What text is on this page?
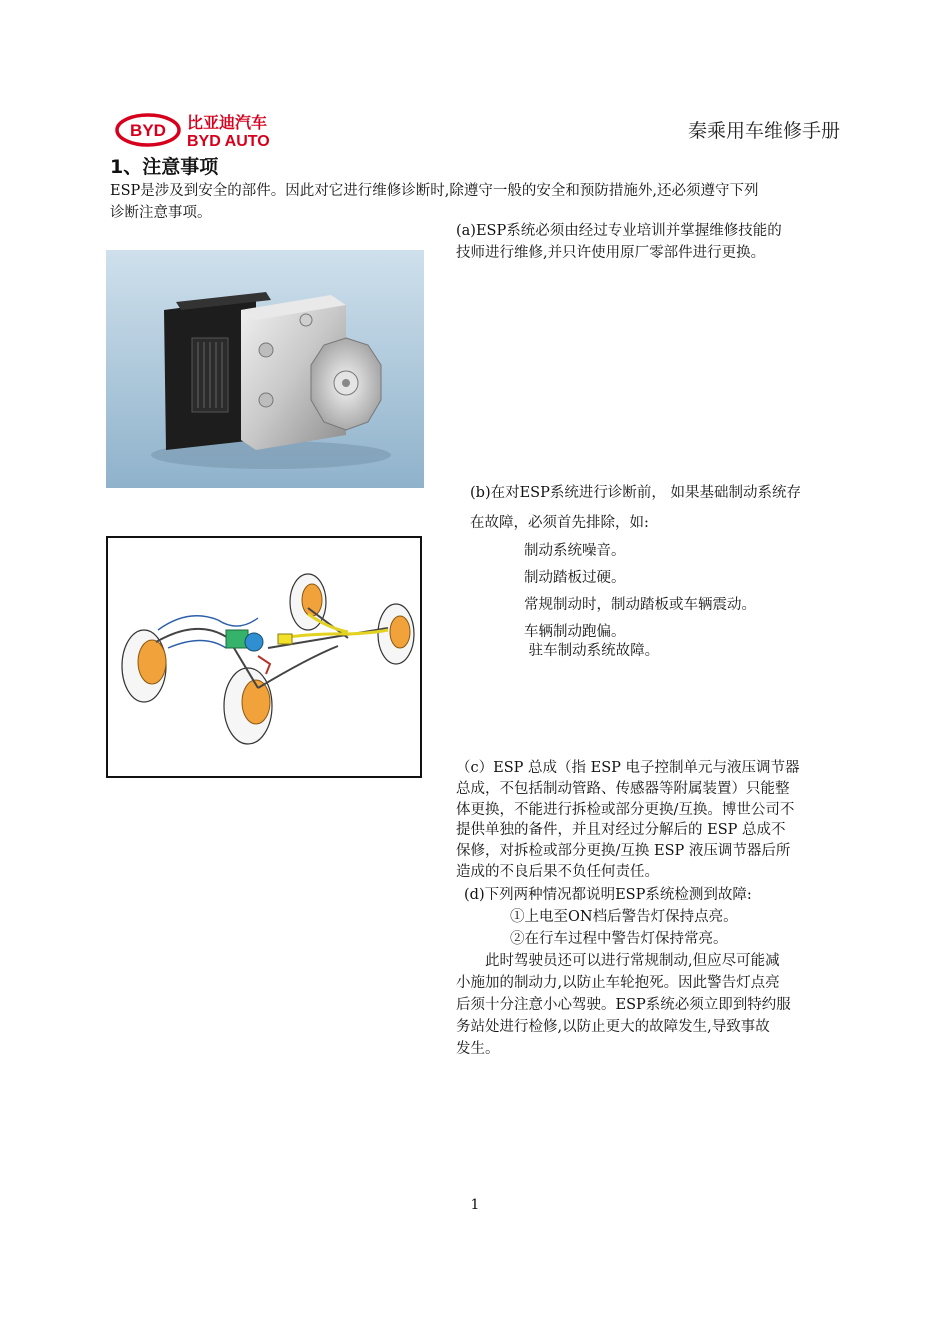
BYD 比亚迪汽车
BYD AUTO	秦乘用车维修手册
1、注意事项
ESP是涉及到安全的部件。因此对它进行维修诊断时,除遵守一般的安全和预防措施外,还必须遵守下列
诊断注意事项。
(a)ESP系统必须由经过专业培训并掌握维修技能的
技师进行维修,并只许使用原厂零部件进行更换。
(b)在对ESP系统进行诊断前， 如果基础制动系统存
在故障，必须首先排除，如:
制动系统噪音。
制动踏板过硬。
常规制动时，制动踏板或车辆震动。
车辆制动跑偏。
驻车制动系统故障。
（c）ESP 总成（指 ESP 电子控制单元与液压调节器
总成，不包括制动管路、传感器等附属装置）只能整
体更换，不能进行拆检或部分更换/互换。博世公司不
提供单独的备件，并且对经过分解后的 ESP 总成不
保修，对拆检或部分更换/互换 ESP 液压调节器后所
造成的不良后果不负任何责任。
(d)下列两种情况都说明ESP系统检测到故障:
①上电至ON档后警告灯保持点亮。
②在行车过程中警告灯保持常亮。
此时驾驶员还可以进行常规制动,但应尽可能减
小施加的制动力,以防止车轮抱死。因此警告灯点亮
后须十分注意小心驾驶。ESP系统必须立即到特约服
务站处进行检修,以防止更大的故障发生,导致事故
发生。
1
